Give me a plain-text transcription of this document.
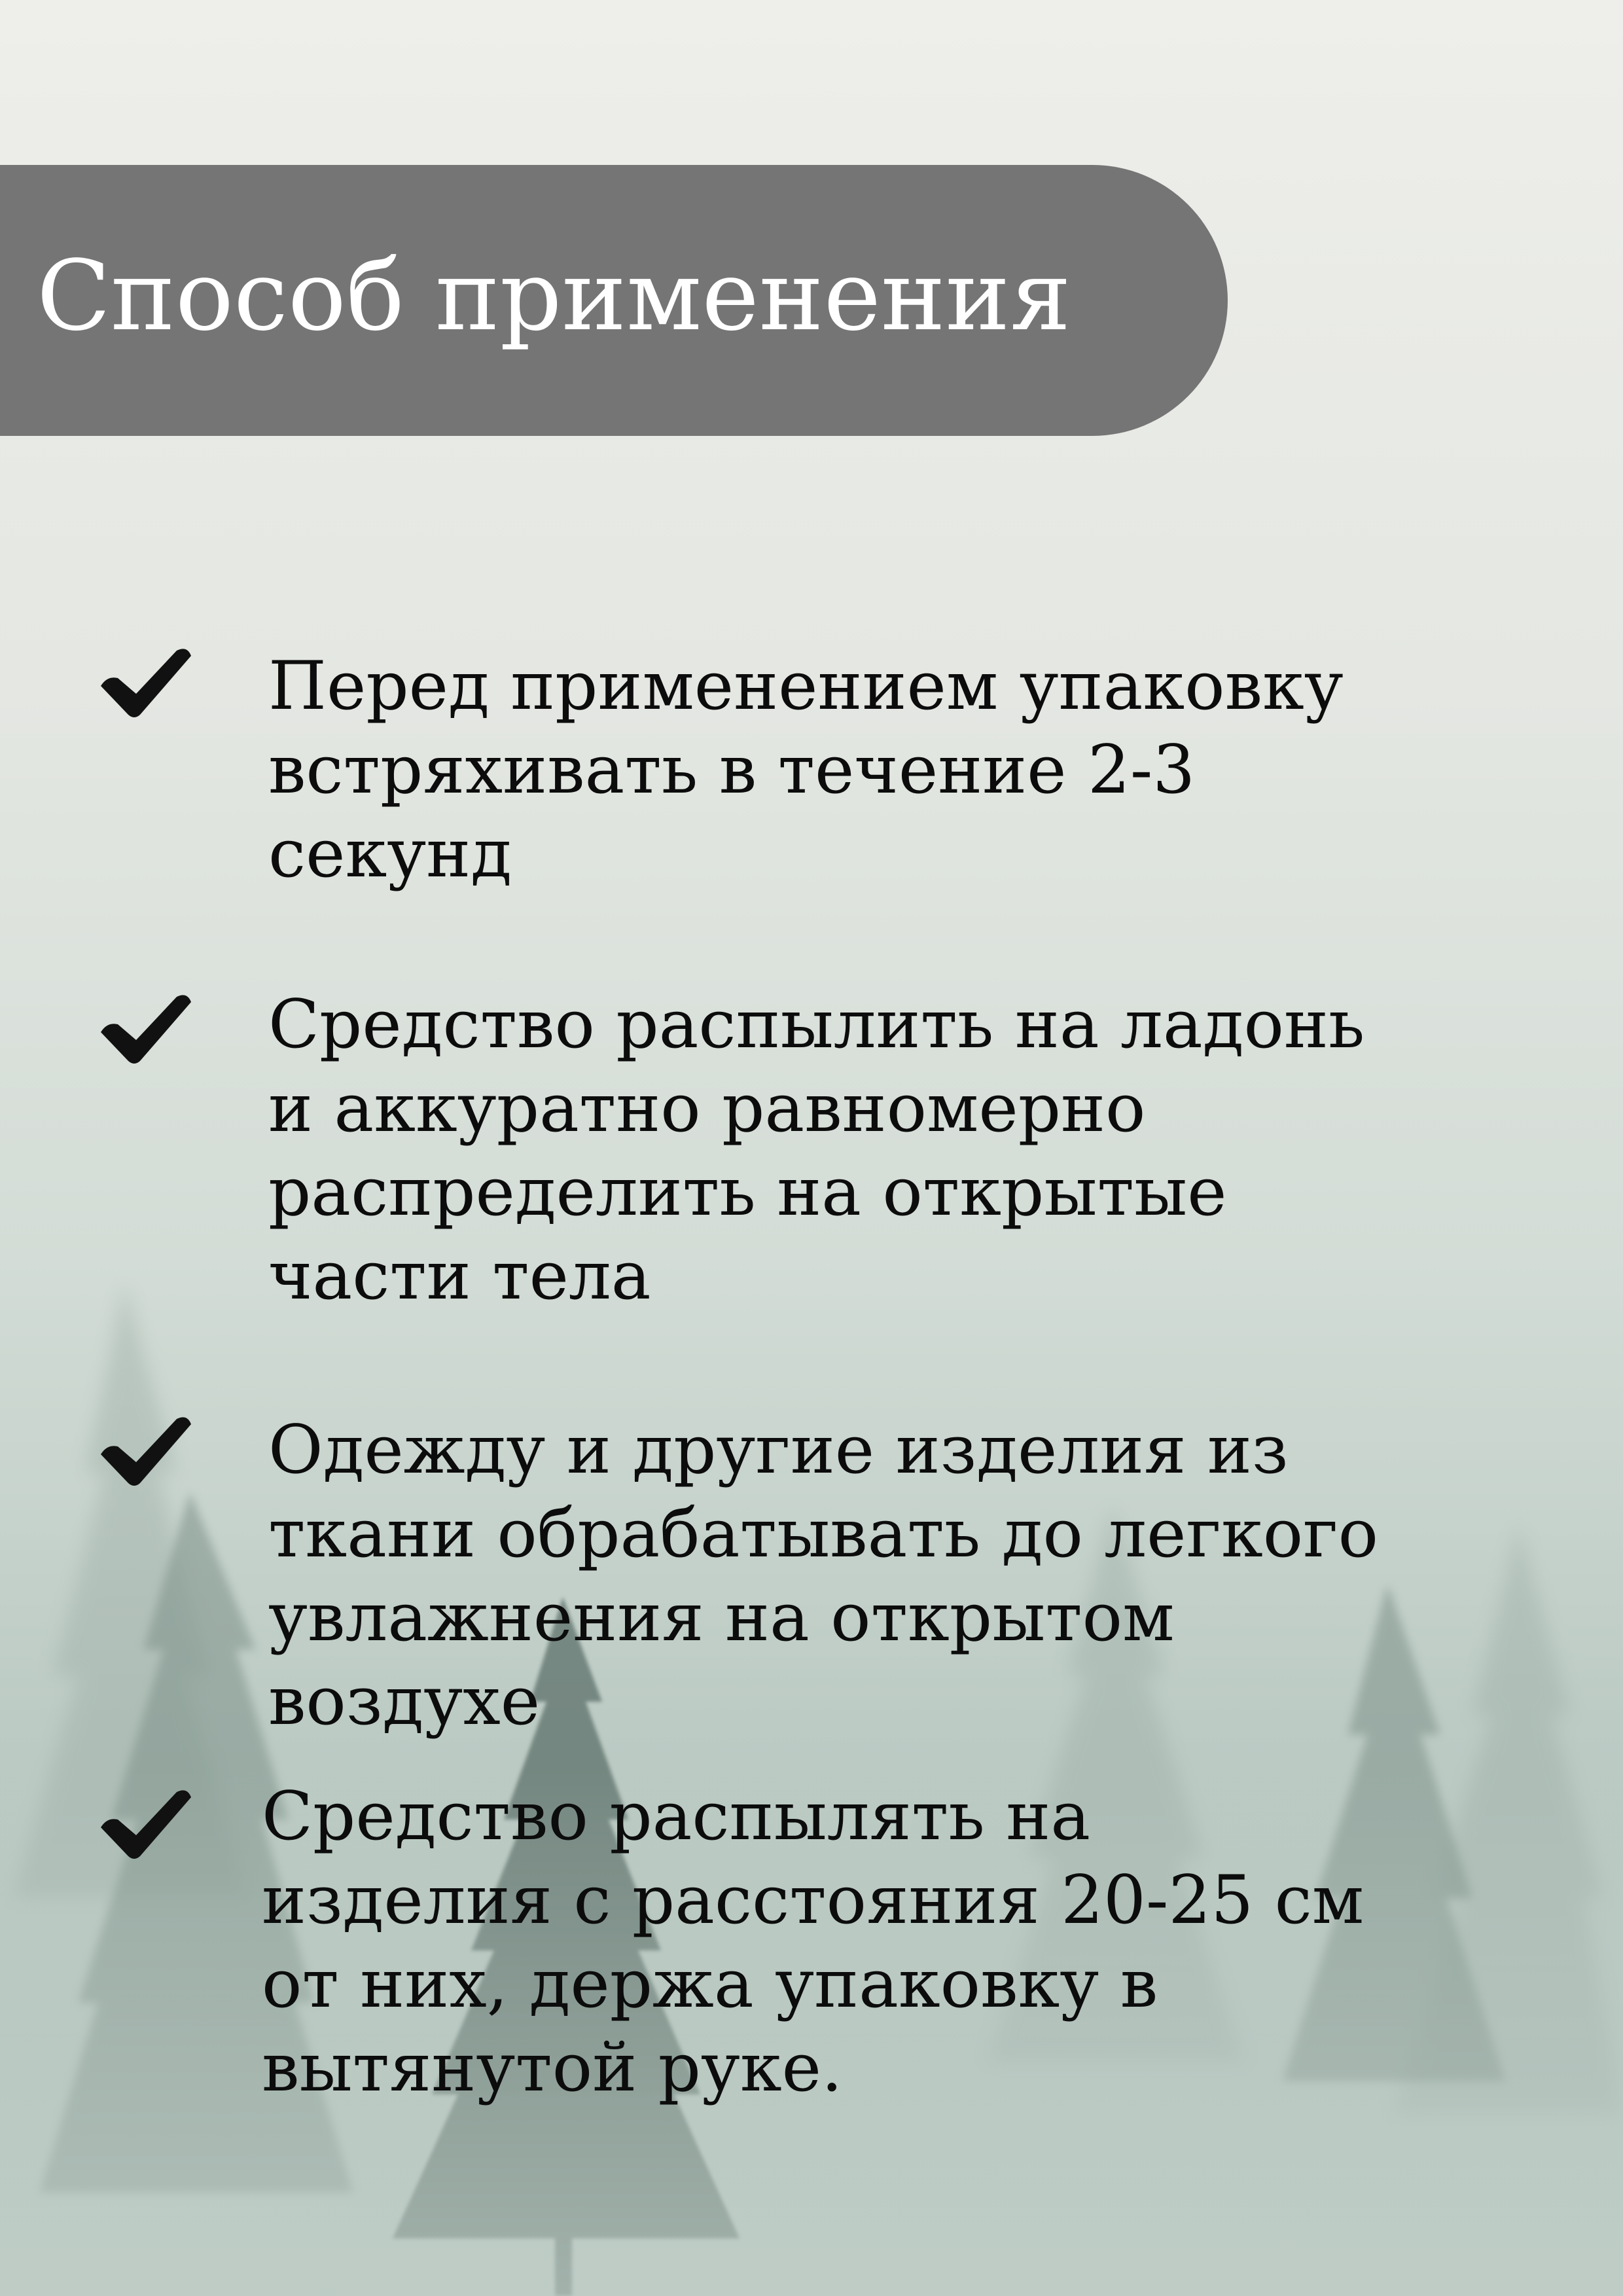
Способ применения

Перед применением упаковку
встряхивать в течение 2-3
секунд

Средство распылить на ладонь
и аккуратно равномерно
распределить на открытые
части тела

Одежду и другие изделия из
ткани обрабатывать до легкого
увлажнения на открытом
воздухе

Средство распылять на
изделия с расстояния 20-25 см
от них, держа упаковку в
вытянутой руке.
